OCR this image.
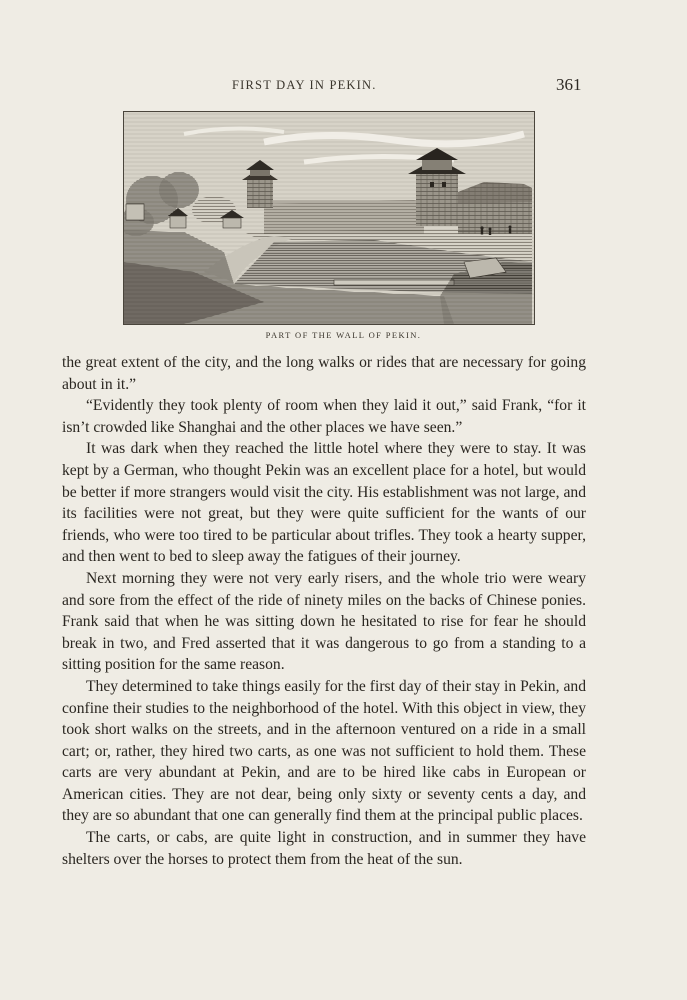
FIRST DAY IN PEKIN.	361
PART OF THE WALL OF PEKIN.

the great extent of the city, and the long walks or rides that are necessary for going about in it.”

“Evidently they took plenty of room when they laid it out,” said Frank, “for it isn’t crowded like Shanghai and the other places we have seen.”

It was dark when they reached the little hotel where they were to stay. It was kept by a German, who thought Pekin was an excellent place for a hotel, but would be better if more strangers would visit the city. His establishment was not large, and its facilities were not great, but they were quite sufficient for the wants of our friends, who were too tired to be particular about trifles. They took a hearty supper, and then went to bed to sleep away the fatigues of their journey.

Next morning they were not very early risers, and the whole trio were weary and sore from the effect of the ride of ninety miles on the backs of Chinese ponies. Frank said that when he was sitting down he hesitated to rise for fear he should break in two, and Fred asserted that it was dangerous to go from a standing to a sitting position for the same reason.

They determined to take things easily for the first day of their stay in Pekin, and confine their studies to the neighborhood of the hotel. With this object in view, they took short walks on the streets, and in the afternoon ventured on a ride in a small cart; or, rather, they hired two carts, as one was not sufficient to hold them. These carts are very abundant at Pekin, and are to be hired like cabs in European or American cities. They are not dear, being only sixty or seventy cents a day, and they are so abundant that one can generally find them at the principal public places.

The carts, or cabs, are quite light in construction, and in summer they have shelters over the horses to protect them from the heat of the sun.
